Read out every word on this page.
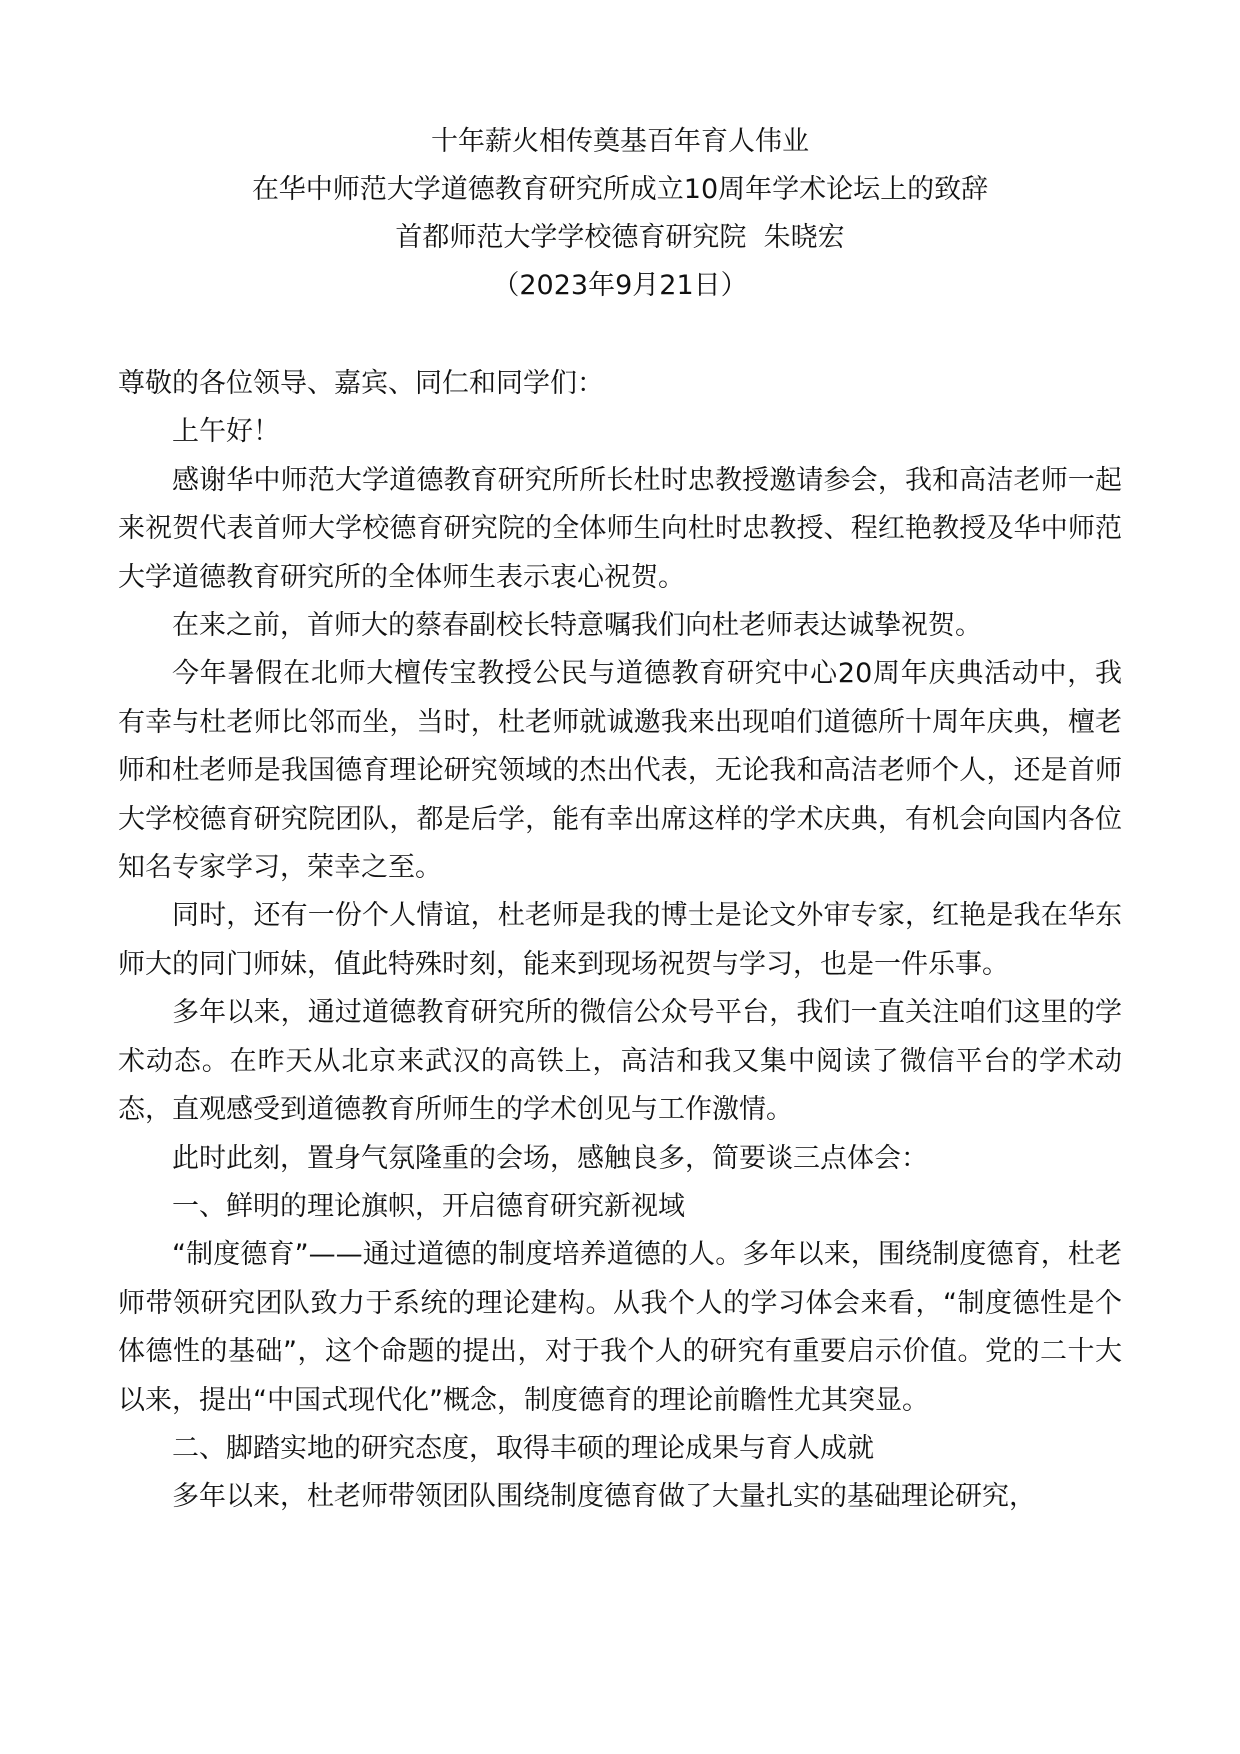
十年薪火相传奠基百年育人伟业
在华中师范大学道德教育研究所成立10周年学术论坛上的致辞
首都师范大学学校德育研究院  朱晓宏
（2023年9月21日）

尊敬的各位领导、嘉宾、同仁和同学们：

上午好！

感谢华中师范大学道德教育研究所所长杜时忠教授邀请参会，我和高洁老师一起来祝贺代表首师大学校德育研究院的全体师生向杜时忠教授、程红艳教授及华中师范大学道德教育研究所的全体师生表示衷心祝贺。

在来之前，首师大的蔡春副校长特意嘱我们向杜老师表达诚挚祝贺。

今年暑假在北师大檀传宝教授公民与道德教育研究中心20周年庆典活动中，我有幸与杜老师比邻而坐，当时，杜老师就诚邀我来出现咱们道德所十周年庆典，檀老师和杜老师是我国德育理论研究领域的杰出代表，无论我和高洁老师个人，还是首师大学校德育研究院团队，都是后学，能有幸出席这样的学术庆典，有机会向国内各位知名专家学习，荣幸之至。

同时，还有一份个人情谊，杜老师是我的博士是论文外审专家，红艳是我在华东师大的同门师妹，值此特殊时刻，能来到现场祝贺与学习，也是一件乐事。

多年以来，通过道德教育研究所的微信公众号平台，我们一直关注咱们这里的学术动态。在昨天从北京来武汉的高铁上，高洁和我又集中阅读了微信平台的学术动态，直观感受到道德教育所师生的学术创见与工作激情。

此时此刻，置身气氛隆重的会场，感触良多，简要谈三点体会：

一、鲜明的理论旗帜，开启德育研究新视域

“制度德育”——通过道德的制度培养道德的人。多年以来，围绕制度德育，杜老师带领研究团队致力于系统的理论建构。从我个人的学习体会来看，“制度德性是个体德性的基础”，这个命题的提出，对于我个人的研究有重要启示价值。党的二十大以来，提出“中国式现代化”概念，制度德育的理论前瞻性尤其突显。

二、脚踏实地的研究态度，取得丰硕的理论成果与育人成就

多年以来，杜老师带领团队围绕制度德育做了大量扎实的基础理论研究，
